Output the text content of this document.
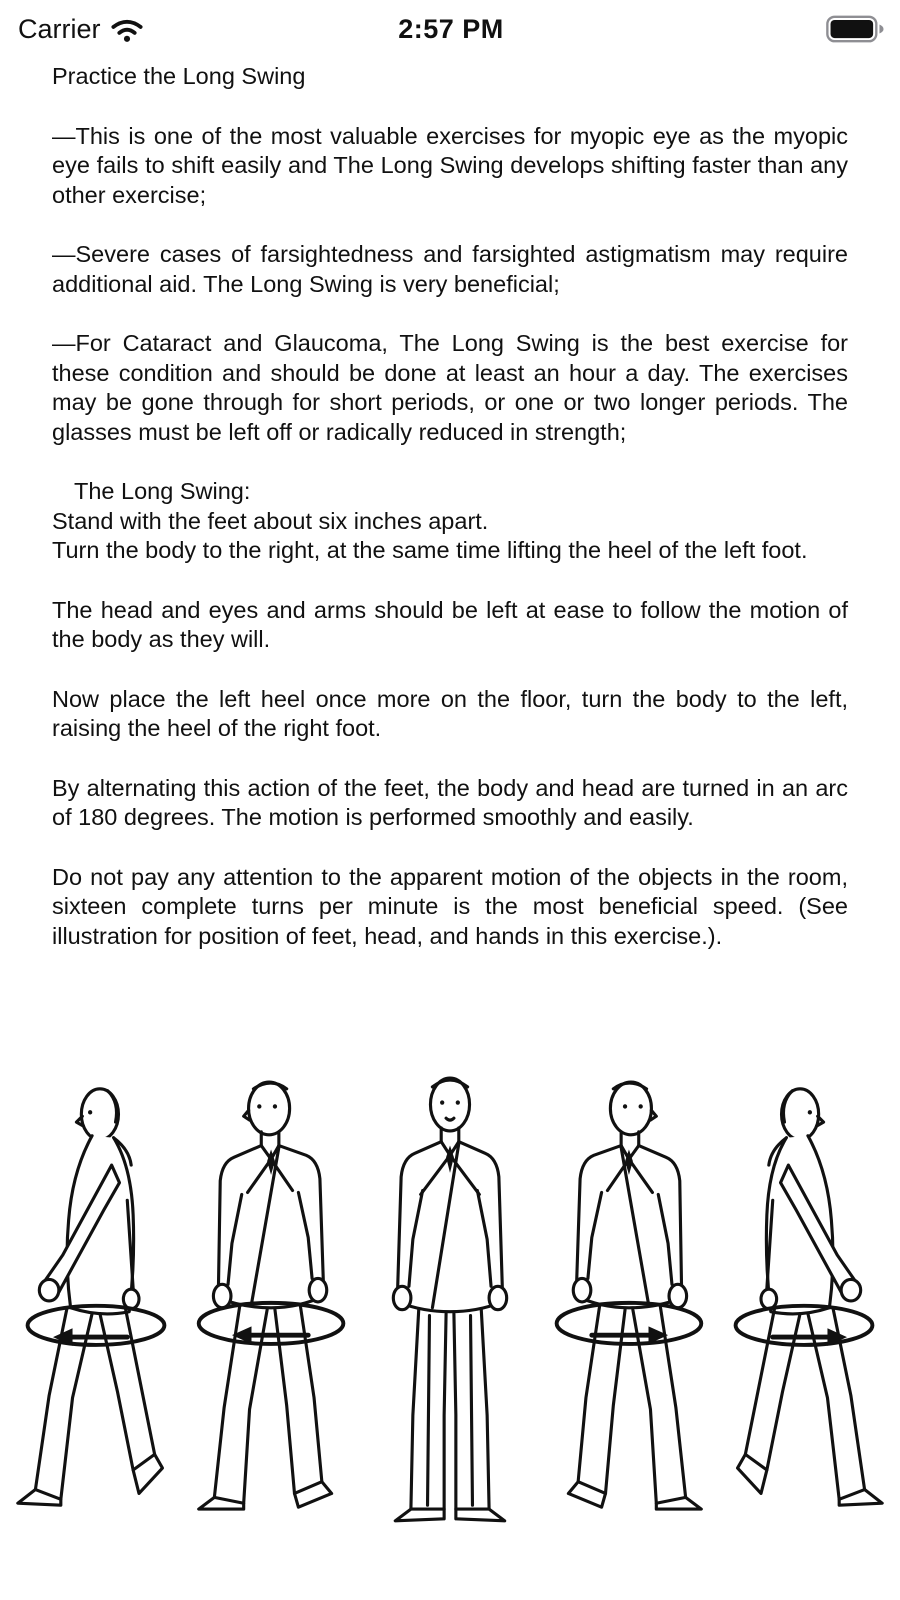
Carrier	2:57 PM

Practice the Long Swing

—This is one of the most valuable exercises for myopic eye as the myopic eye fails to shift easily and The Long Swing develops shifting faster than any other exercise;

—Severe cases of farsightedness and farsighted astigmatism may require additional aid. The Long Swing is very beneficial;

—For Cataract and Glaucoma, The Long Swing is the best exercise for these condition and should be done at least an hour a day. The exercises may be gone through for short periods, or one or two longer periods. The glasses must be left off or radically reduced in strength;

The Long Swing:

Stand with the feet about six inches apart.

Turn the body to the right, at the same time lifting the heel of the left foot.

The head and eyes and arms should be left at ease to follow the motion of the body as they will.

Now place the left heel once more on the floor, turn the body to the left, raising the heel of the right foot.

By alternating this action of the feet, the body and head are turned in an arc of 180 degrees. The motion is performed smoothly and easily.

Do not pay any attention to the apparent motion of the objects in the room, sixteen complete turns per minute is the most beneficial speed. (See illustration for position of feet, head, and hands in this exercise.).
